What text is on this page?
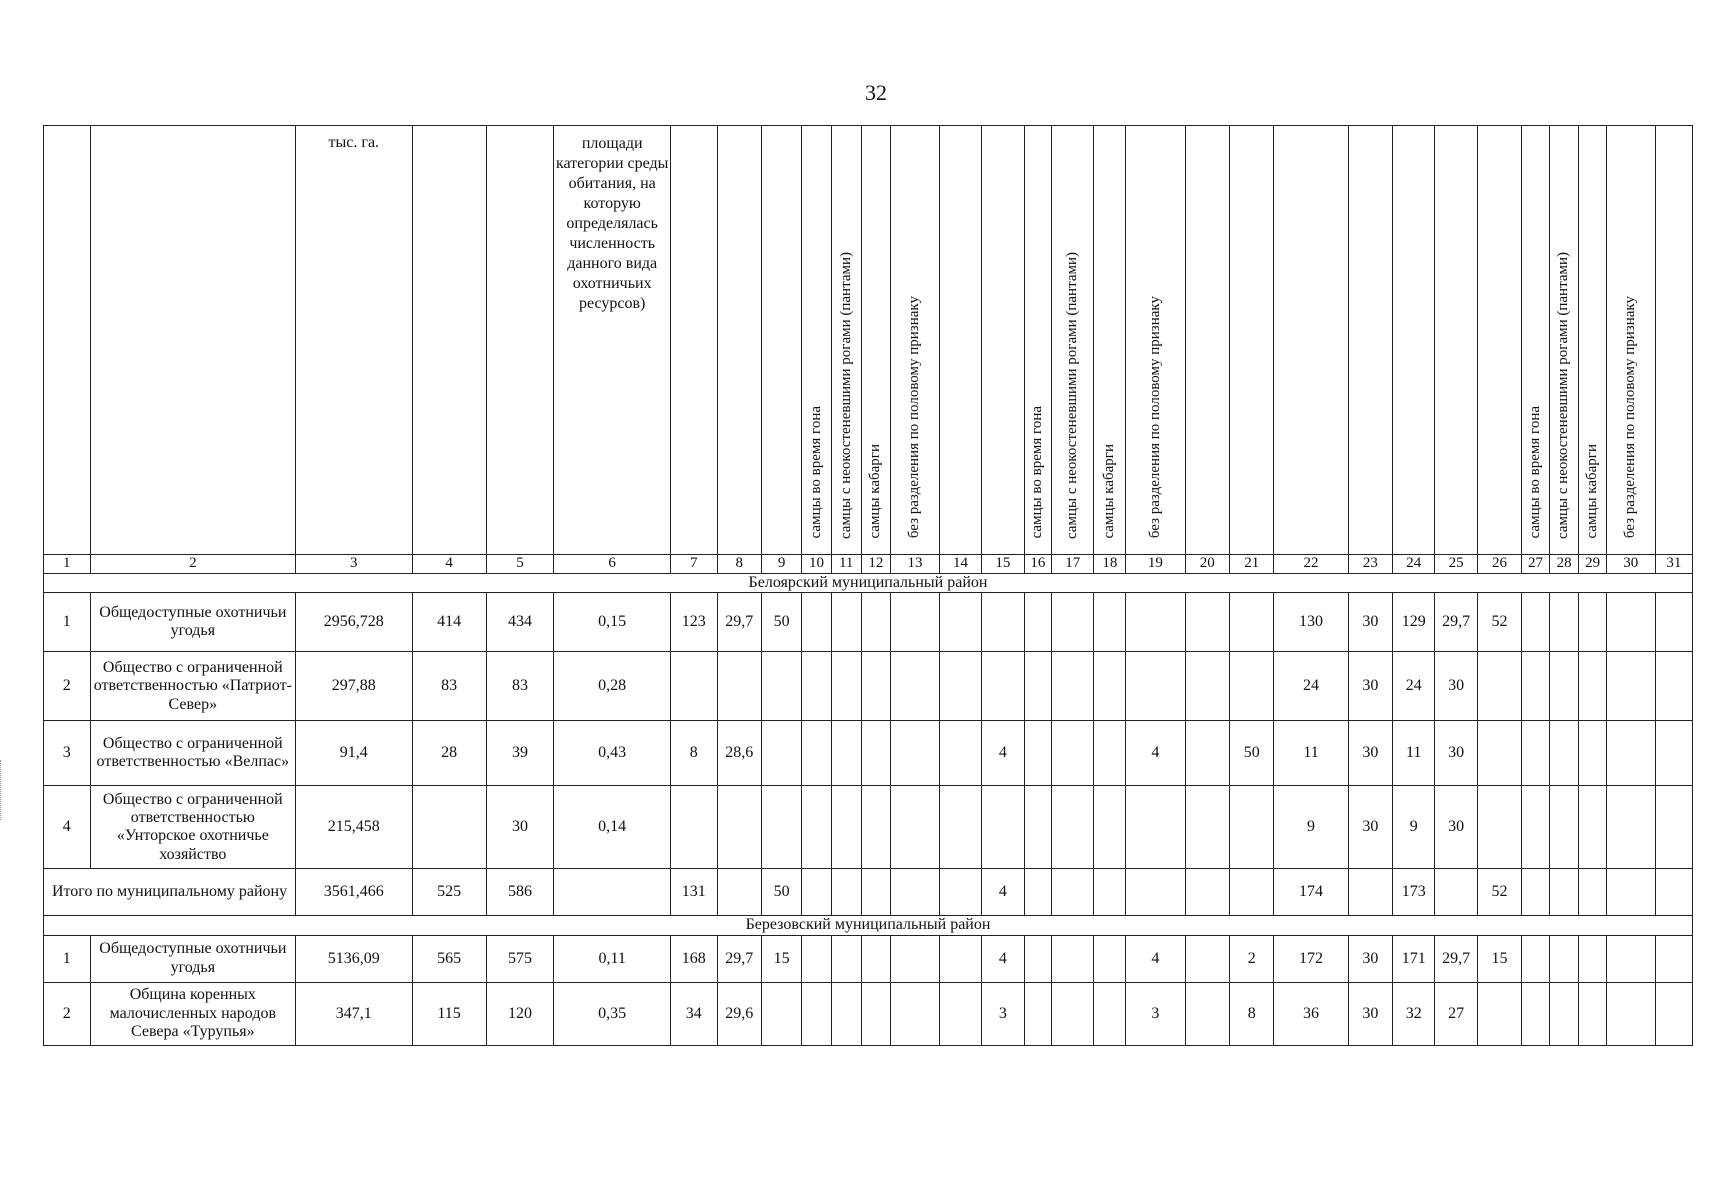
32
		тыс. га.			площади категории среды обитания, на которую определялась численность данного вида охотничьих ресурсов)				самцы во время гона	самцы с неокостеневшими рогами (пантами)	самцы кабарги	без разделения по половому признаку			самцы во время гона	самцы с неокостеневшими рогами (пантами)	самцы кабарги	без разделения по половому признаку								самцы во время гона	самцы с неокостеневшими рогами (пантами)	самцы кабарги	без разделения по половому признаку	
1	2	3	4	5	6	7	8	9	10	11	12	13	14	15	16	17	18	19	20	21	22	23	24	25	26	27	28	29	30	31
Белоярский муниципальный район																														
1	Общедоступные охотничьи угодья	2956,728	414	434	0,15	123	29,7	50													130	30	129	29,7	52					
2	Общество с ограниченной ответственностью «Патриот-Север»	297,88	83	83	0,28																24	30	24	30						
3	Общество с ограниченной ответственностью «Велпас»	91,4	28	39	0,43	8	28,6							4				4		50	11	30	11	30						
4	Общество с ограниченной ответственностью «Унторское охотничье хозяйство	215,458		30	0,14																9	30	9	30						
Итого по муниципальному району		3561,466	525	586		131		50						4							174		173		52					
Березовский муниципальный район																														
1	Общедоступные охотничьи угодья	5136,09	565	575	0,11	168	29,7	15						4				4		2	172	30	171	29,7	15					
2	Община коренных малочисленных народов Севера «Турупья»	347,1	115	120	0,35	34	29,6							3				3		8	36	30	32	27						
